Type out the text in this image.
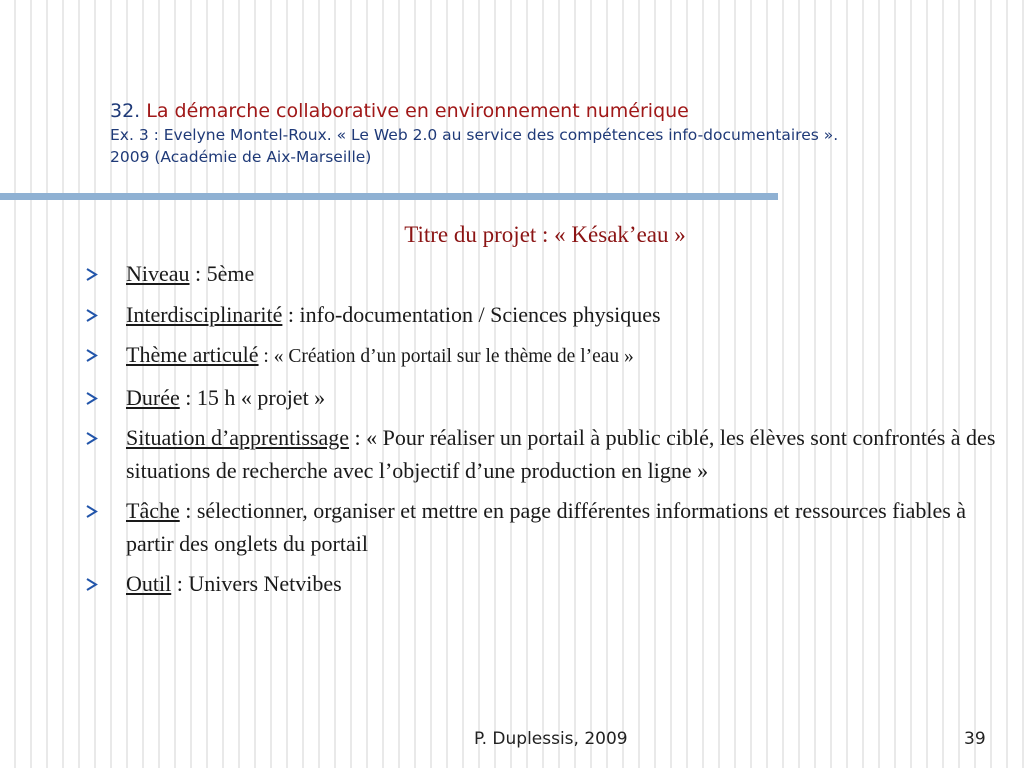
32. La démarche collaborative en environnement numérique
Ex. 3 : Evelyne Montel-Roux. « Le Web 2.0 au service des compétences info-documentaires ».
2009 (Académie de Aix-Marseille)
Titre du projet : « Késak’eau »
Niveau : 5ème
Interdisciplinarité : info-documentation / Sciences physiques
Thème articulé : « Création d’un portail sur le thème de l’eau »
Durée : 15 h « projet »
Situation d’apprentissage : « Pour réaliser un portail à public ciblé, les élèves sont confrontés à des situations de recherche avec l’objectif d’une production en ligne »
Tâche : sélectionner, organiser et mettre en page différentes informations et ressources fiables à partir des onglets du portail
Outil : Univers Netvibes
P. Duplessis, 2009	39
